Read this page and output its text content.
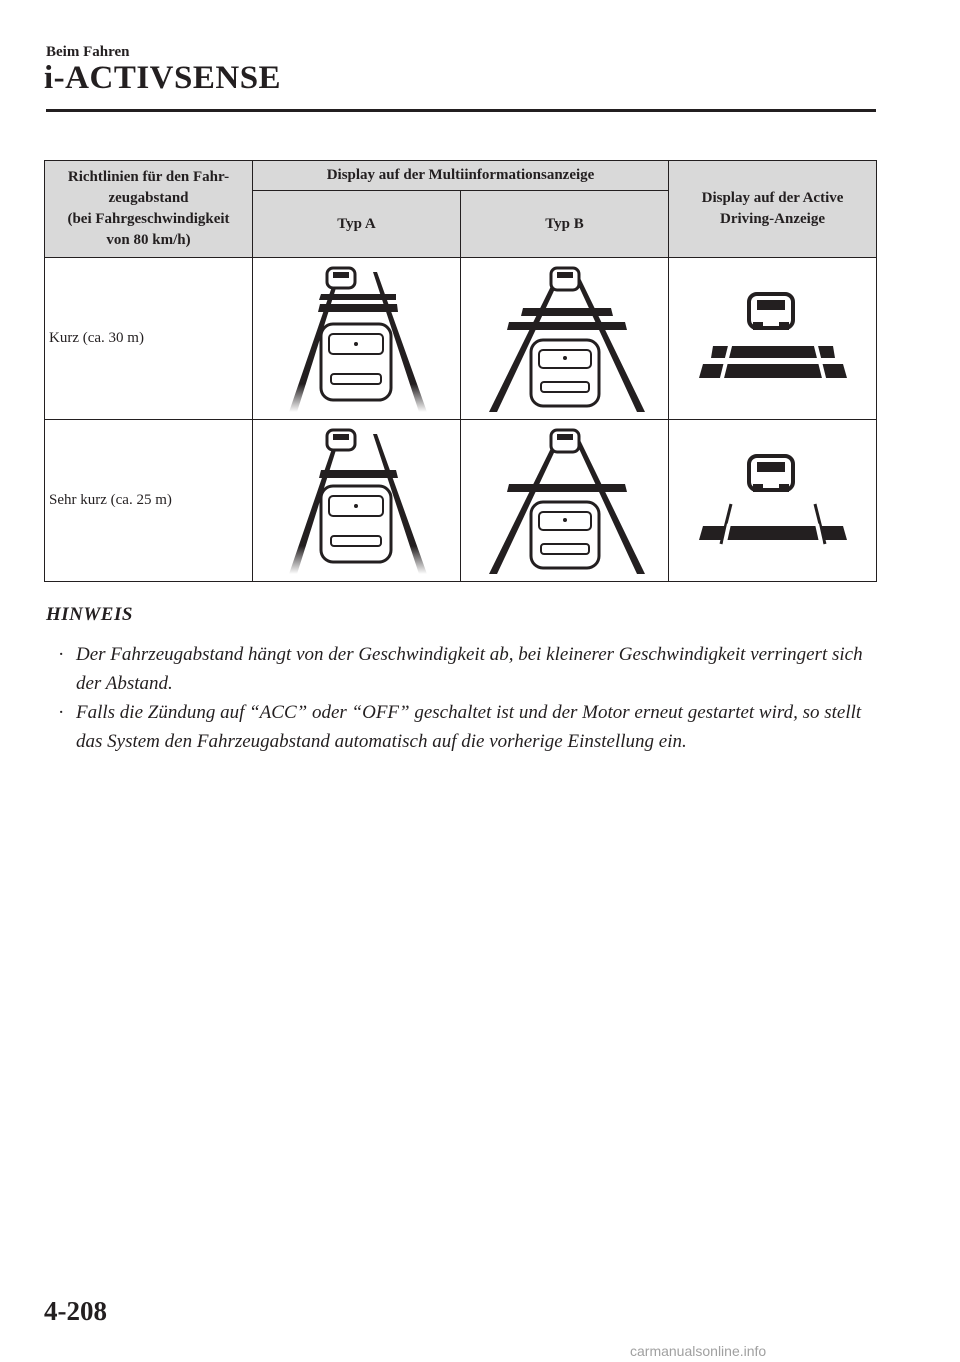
Beim Fahren
i-ACTIVSENSE
Richtlinien für den Fahr-
zeugabstand
(bei Fahrgeschwindigkeit
von 80 km/h)	Display auf der Multiinformationsanzeige		Display auf der Active
Driving-Anzeige
	Typ A	Typ B	
Kurz (ca. 30 m)	

Sehr kurz (ca. 25 m)	

HINWEIS
· Der Fahrzeugabstand hängt von der Geschwindigkeit ab, bei kleinerer Geschwindigkeit verringert sich der Abstand.
· Falls die Zündung auf “ACC” oder “OFF” geschaltet ist und der Motor erneut gestartet wird, so stellt das System den Fahrzeugabstand automatisch auf die vorherige Einstellung ein.
4-208
carmanualsonline.info
